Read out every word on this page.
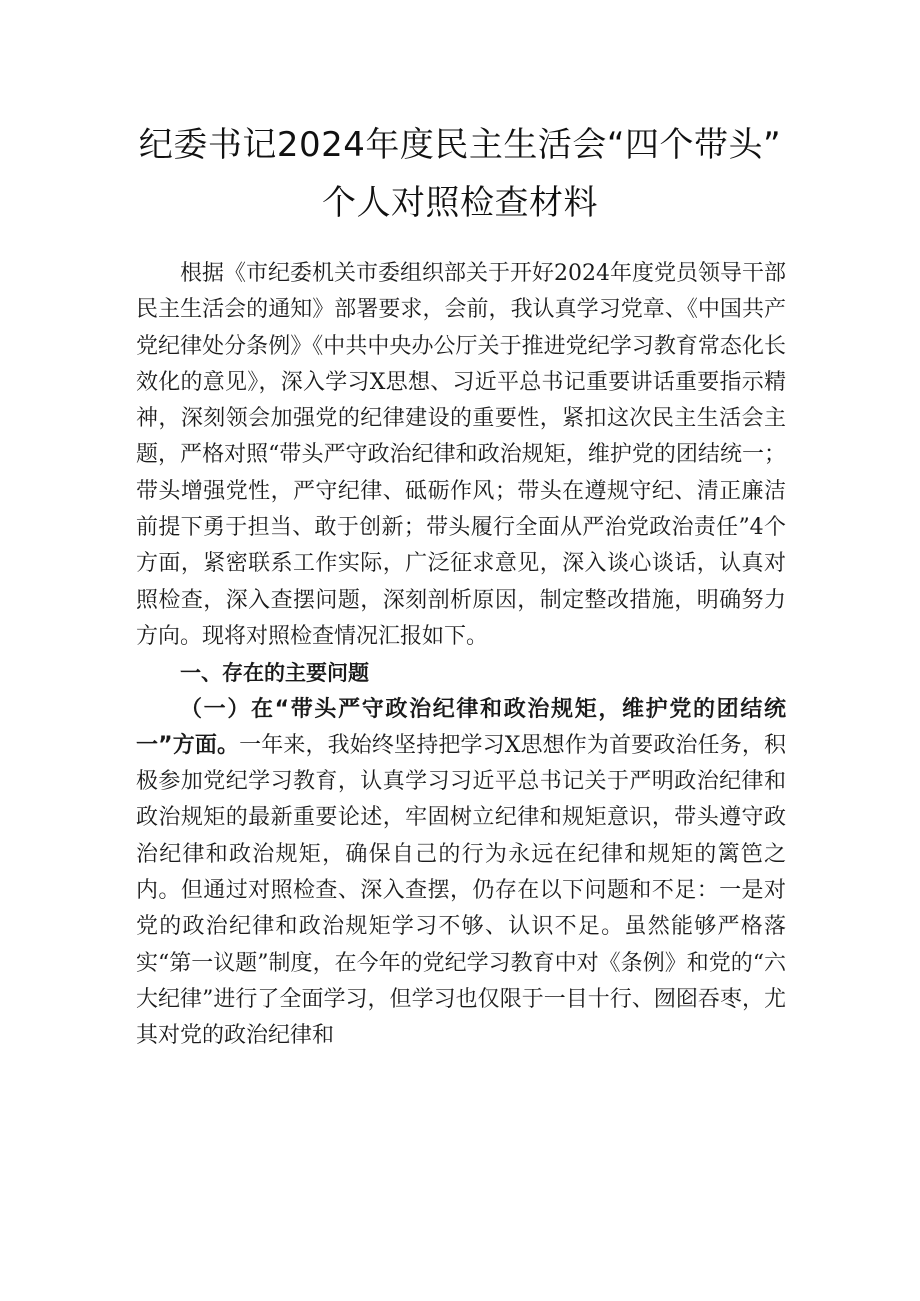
纪委书记2024年度民主生活会“四个带头”
个人对照检查材料

根据《市纪委机关市委组织部关于开好2024年度党员领导干部民主生活会的通知》部署要求，会前，我认真学习党章、《中国共产党纪律处分条例》《中共中央办公厅关于推进党纪学习教育常态化长效化的意见》，深入学习X思想、习近平总书记重要讲话重要指示精神，深刻领会加强党的纪律建设的重要性，紧扣这次民主生活会主题，严格对照“带头严守政治纪律和政治规矩，维护党的团结统一；带头增强党性，严守纪律、砥砺作风；带头在遵规守纪、清正廉洁前提下勇于担当、敢于创新；带头履行全面从严治党政治责任”4个方面，紧密联系工作实际，广泛征求意见，深入谈心谈话，认真对照检查，深入查摆问题，深刻剖析原因，制定整改措施，明确努力方向。现将对照检查情况汇报如下。

一、存在的主要问题

（一）在“带头严守政治纪律和政治规矩，维护党的团结统一”方面。一年来，我始终坚持把学习X思想作为首要政治任务，积极参加党纪学习教育，认真学习习近平总书记关于严明政治纪律和政治规矩的最新重要论述，牢固树立纪律和规矩意识，带头遵守政治纪律和政治规矩，确保自己的行为永远在纪律和规矩的篱笆之内。但通过对照检查、深入查摆，仍存在以下问题和不足：一是对党的政治纪律和政治规矩学习不够、认识不足。虽然能够严格落实“第一议题”制度，在今年的党纪学习教育中对《条例》和党的“六大纪律”进行了全面学习，但学习也仅限于一目十行、囫囵吞枣，尤其对党的政治纪律和
